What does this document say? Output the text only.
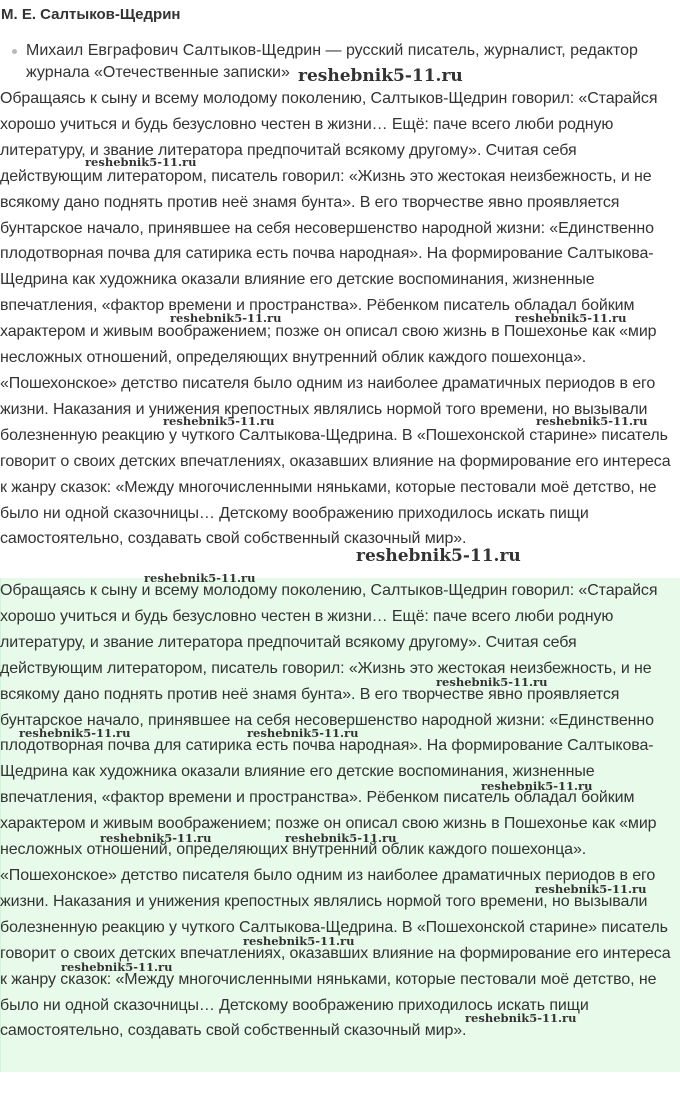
М. Е. Салтыков-Щедрин
Михаил Евграфович Салтыков-Щедрин — русский писатель, журналист, редактор журнала «Отечественные записки»

Обращаясь к сыну и всему молодому поколению, Салтыков-Щедрин говорил: «Старайся хорошо учиться и будь безусловно честен в жизни… Ещё: паче всего люби родную литературу, и звание литератора предпочитай всякому другому». Считая себя действующим литератором, писатель говорил: «Жизнь это жестокая неизбежность, и не всякому дано поднять против неё знамя бунта». В его творчестве явно проявляется бунтарское начало, принявшее на себя несовершенство народной жизни: «Единственно плодотворная почва для сатирика есть почва народная». На формирование Салтыкова-Щедрина как художника оказали влияние его детские воспоминания, жизненные впечатления, «фактор времени и пространства». Рёбенком писатель обладал бойким характером и живым воображением; позже он описал свою жизнь в Пошехонье как «мир несложных отношений, определяющих внутренний облик каждого пошехонца». «Пошехонское» детство писателя было одним из наиболее драматичных периодов в его жизни. Наказания и унижения крепостных являлись нормой того времени, но вызывали болезненную реакцию у чуткого Салтыкова-Щедрина. В «Пошехонской старине» писатель говорит о своих детских впечатлениях, оказавших влияние на формирование его интереса к жанру сказок: «Между многочисленными няньками, которые пестовали моё детство, не было ни одной сказочницы… Детскому воображению приходилось искать пищи самостоятельно, создавать свой собственный сказочный мир».

Обращаясь к сыну и всему молодому поколению, Салтыков-Щедрин говорил: «Старайся хорошо учиться и будь безусловно честен в жизни… Ещё: паче всего люби родную литературу, и звание литератора предпочитай всякому другому». Считая себя действующим литератором, писатель говорил: «Жизнь это жестокая неизбежность, и не всякому дано поднять против неё знамя бунта». В его творчестве явно проявляется бунтарское начало, принявшее на себя несовершенство народной жизни: «Единственно плодотворная почва для сатирика есть почва народная». На формирование Салтыкова-Щедрина как художника оказали влияние его детские воспоминания, жизненные впечатления, «фактор времени и пространства». Рёбенком писатель обладал бойким характером и живым воображением; позже он описал свою жизнь в Пошехонье как «мир несложных отношений, определяющих внутренний облик каждого пошехонца». «Пошехонское» детство писателя было одним из наиболее драматичных периодов в его жизни. Наказания и унижения крепостных являлись нормой того времени, но вызывали болезненную реакцию у чуткого Салтыкова-Щедрина. В «Пошехонской старине» писатель говорит о своих детских впечатлениях, оказавших влияние на формирование его интереса к жанру сказок: «Между многочисленными няньками, которые пестовали моё детство, не было ни одной сказочницы… Детскому воображению приходилось искать пищи самостоятельно, создавать свой собственный сказочный мир».

reshebnik5-11.ru
reshebnik5-11.ru
reshebnik5-11.ru	reshebnik5-11.ru
reshebnik5-11.ru	reshebnik5-11.ru
reshebnik5-11.ru
reshebnik5-11.ru
reshebnik5-11.ru
reshebnik5-11.ru	reshebnik5-11.ru
reshebnik5-11.ru
reshebnik5-11.ru	reshebnik5-11.ru
reshebnik5-11.ru
reshebnik5-11.ru
reshebnik5-11.ru
reshebnik5-11.ru
